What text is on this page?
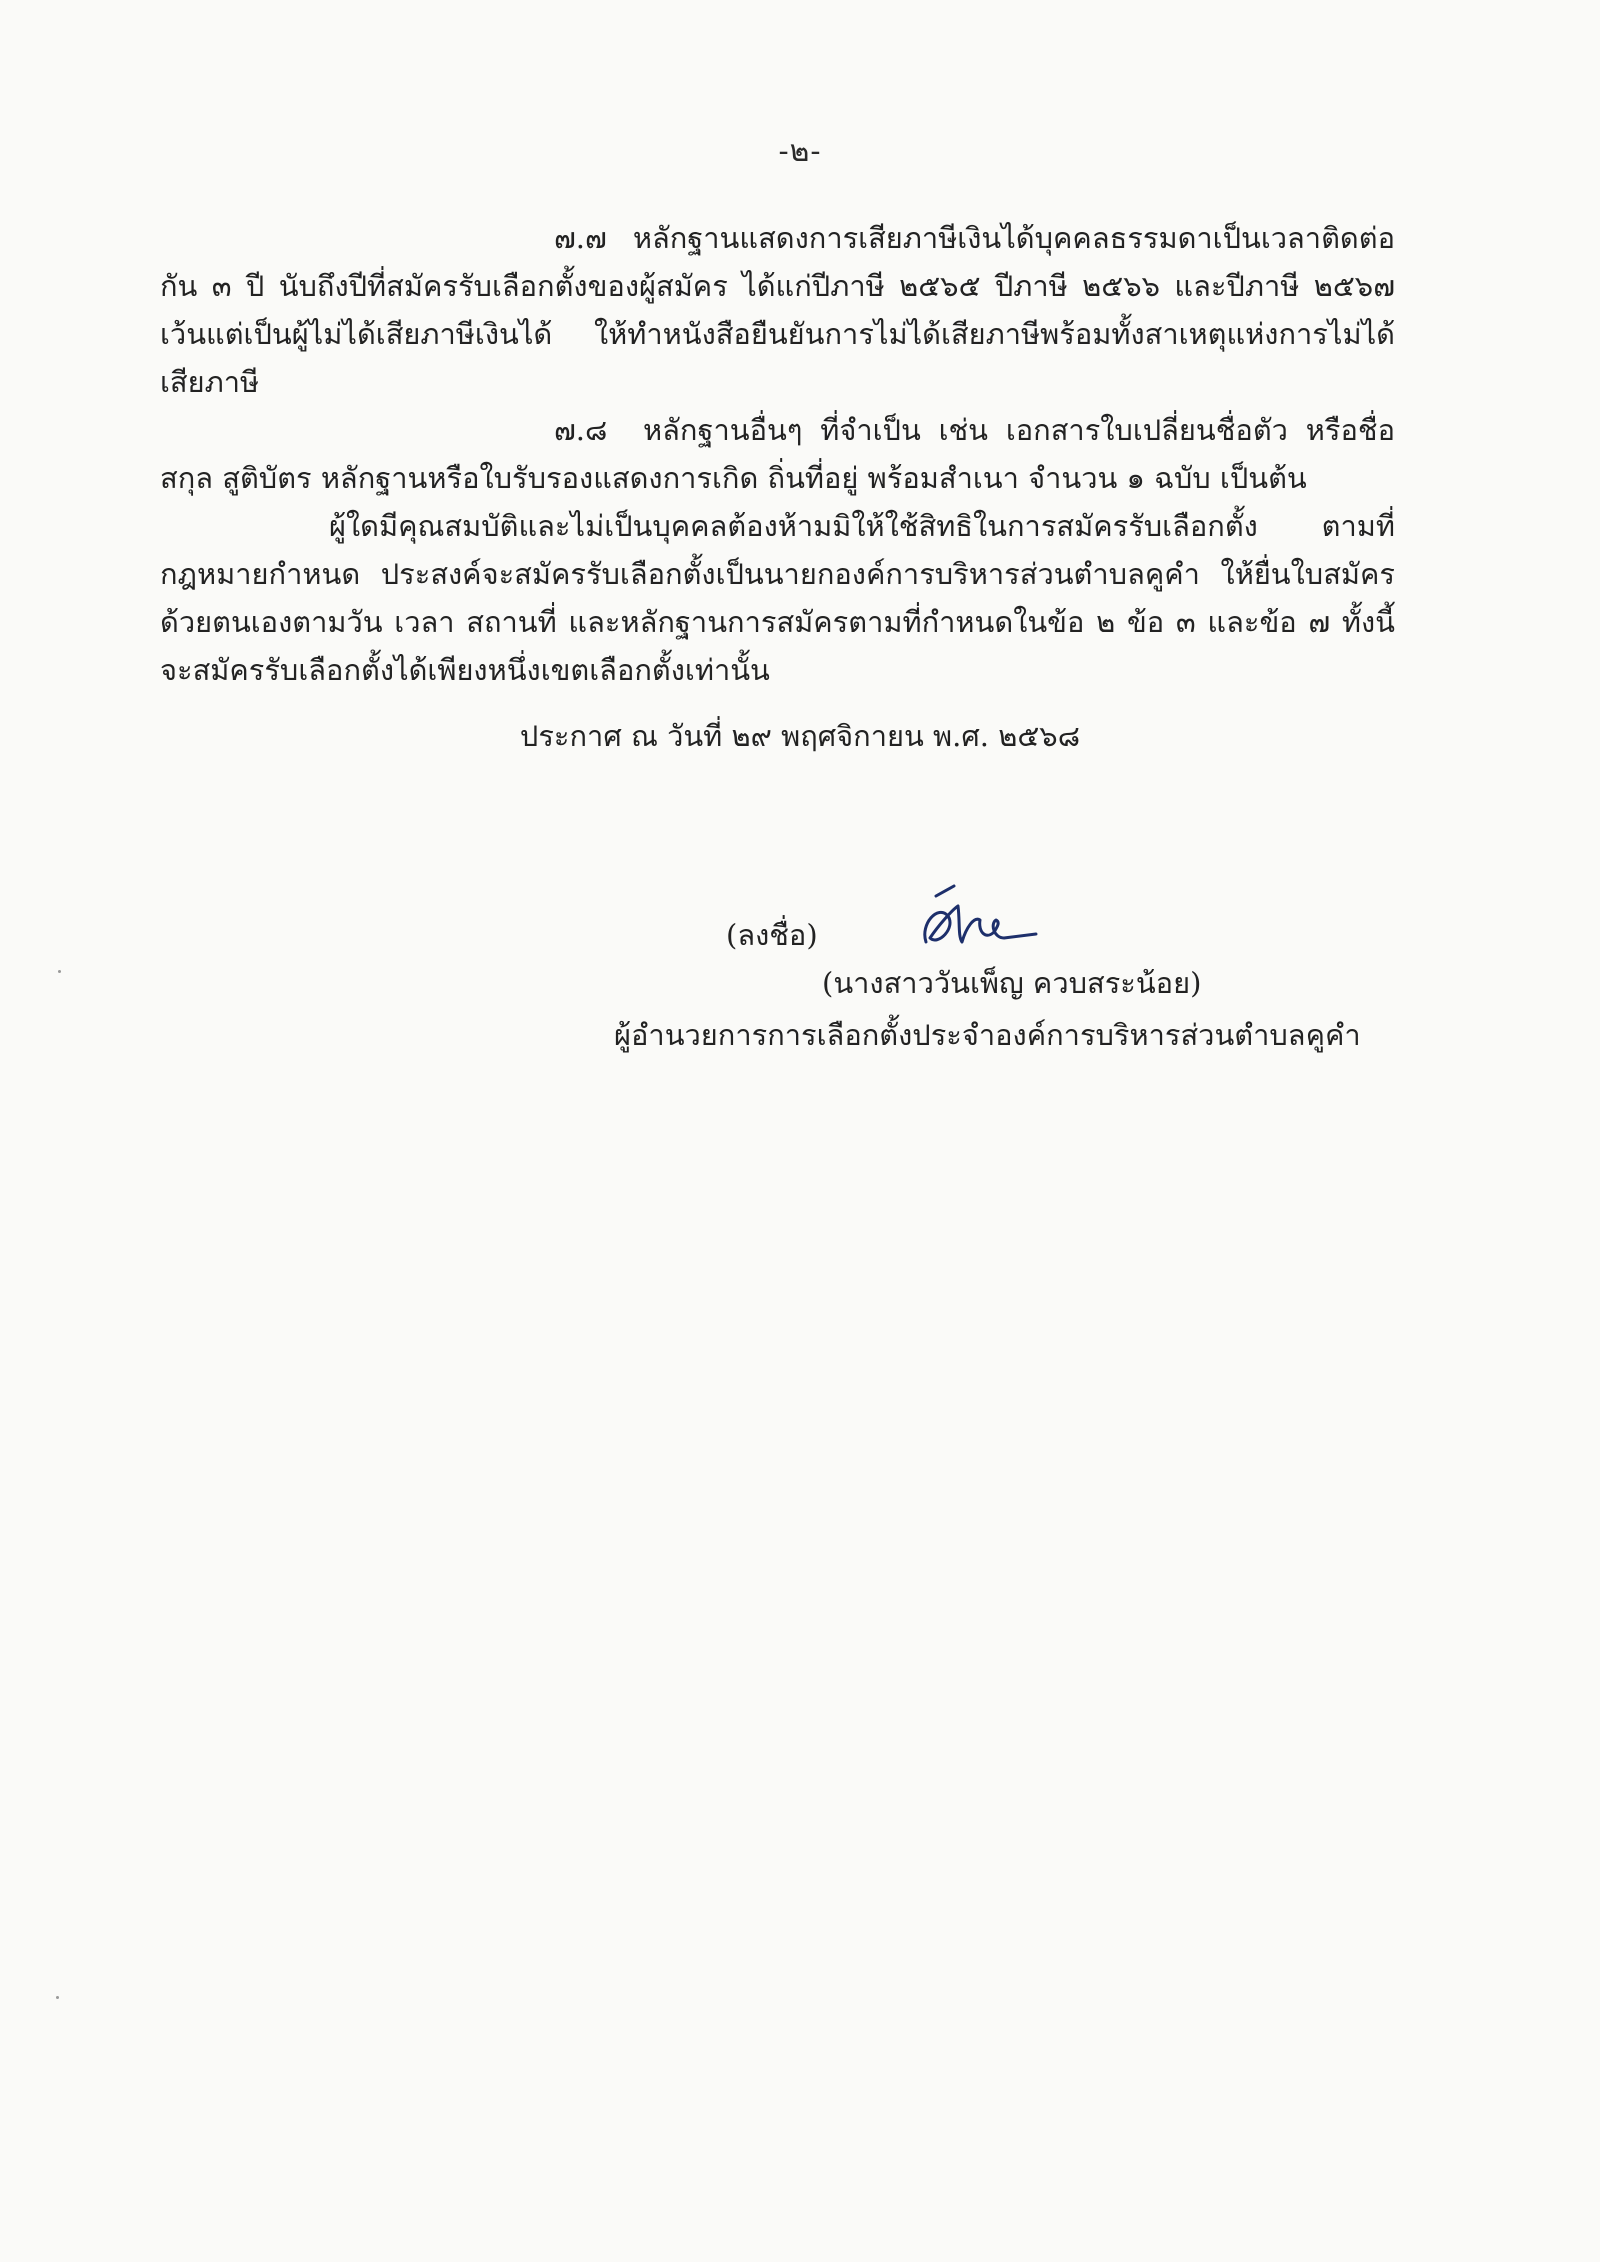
-๒-

๗.๗ หลักฐานแสดงการเสียภาษีเงินได้บุคคลธรรมดาเป็นเวลาติดต่อกัน ๓ ปี นับถึงปีที่สมัครรับเลือกตั้งของผู้สมัคร ได้แก่ปีภาษี ๒๕๖๕ ปีภาษี ๒๕๖๖ และปีภาษี ๒๕๖๗ เว้นแต่เป็นผู้ไม่ได้เสียภาษีเงินได้ ให้ทำหนังสือยืนยันการไม่ได้เสียภาษีพร้อมทั้งสาเหตุแห่งการไม่ได้เสียภาษี

๗.๘ หลักฐานอื่นๆ ที่จำเป็น เช่น เอกสารใบเปลี่ยนชื่อตัว หรือชื่อสกุล สูติบัตร หลักฐานหรือใบรับรองแสดงการเกิด ถิ่นที่อยู่ พร้อมสำเนา จำนวน ๑ ฉบับ เป็นต้น

ผู้ใดมีคุณสมบัติและไม่เป็นบุคคลต้องห้ามมิให้ใช้สิทธิในการสมัครรับเลือกตั้ง ตามที่กฎหมายกำหนด ประสงค์จะสมัครรับเลือกตั้งเป็นนายกองค์การบริหารส่วนตำบลคูคำ ให้ยื่นใบสมัครด้วยตนเองตามวัน เวลา สถานที่ และหลักฐานการสมัครตามที่กำหนดในข้อ ๒ ข้อ ๓ และข้อ ๗ ทั้งนี้ จะสมัครรับเลือกตั้งได้เพียงหนึ่งเขตเลือกตั้งเท่านั้น

ประกาศ ณ วันที่ ๒๙ พฤศจิกายน พ.ศ. ๒๕๖๘
(ลงชื่อ)
(นางสาววันเพ็ญ ควบสระน้อย)
ผู้อำนวยการการเลือกตั้งประจำองค์การบริหารส่วนตำบลคูคำ
